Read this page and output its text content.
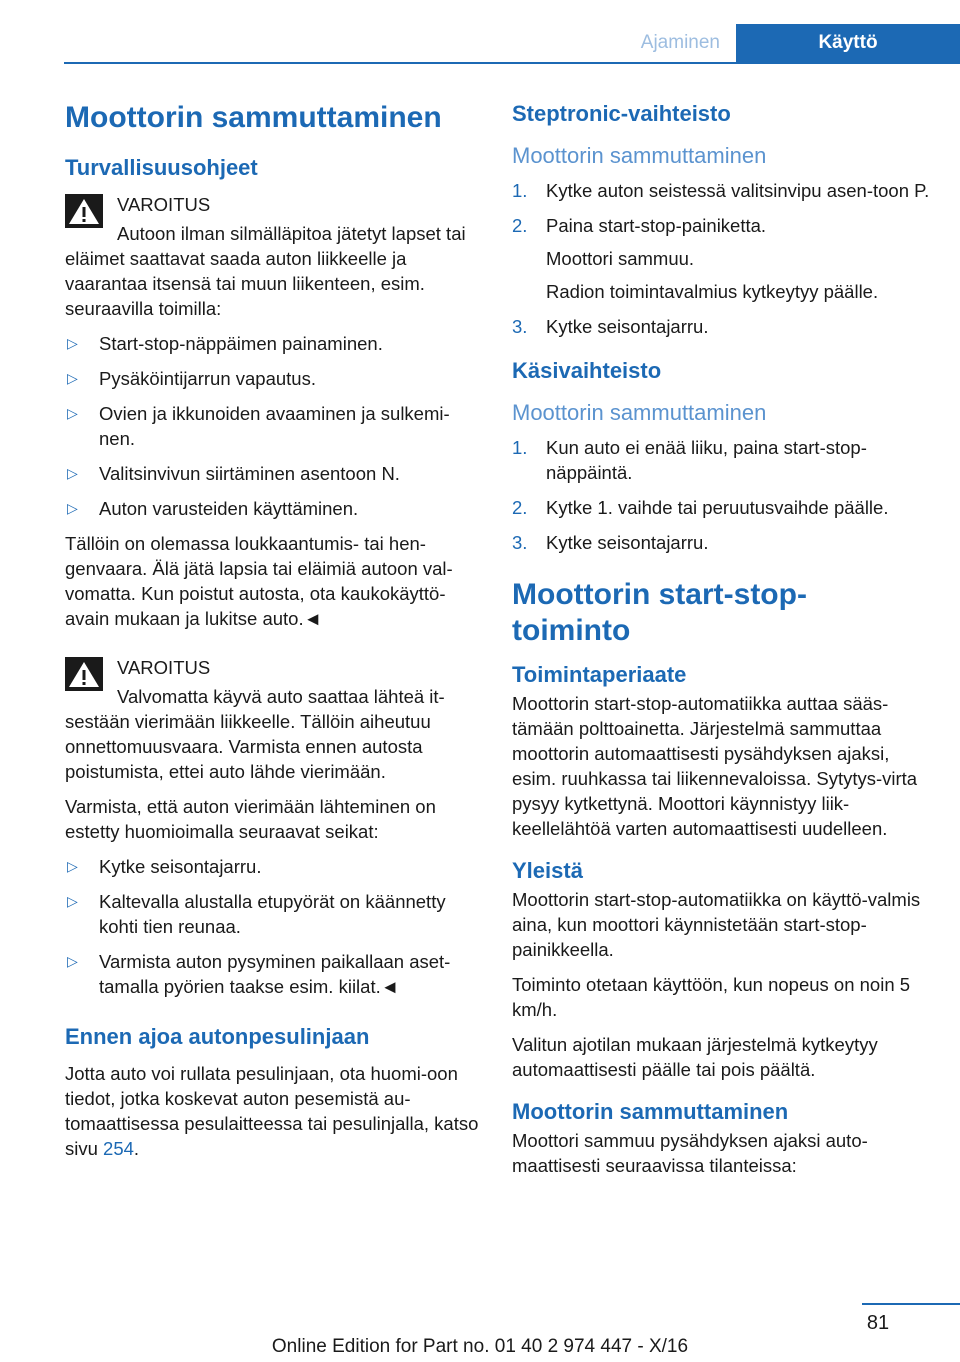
Ajaminen	Käyttö
Moottorin sammuttaminen
Turvallisuusohjeet
VAROITUS

Autoon ilman silmälläpitoa jätetyt lapset tai eläimet saattavat saada auton liikkeelle ja vaarantaa itsensä tai muun liikenteen, esim. seuraavilla toimilla:

▷ Start-stop-näppäimen painaminen.
▷ Pysäköintijarrun vapautus.
▷ Ovien ja ikkunoiden avaaminen ja sulkemi-nen.
▷ Valitsinvivun siirtäminen asentoon N.
▷ Auton varusteiden käyttäminen.

Tällöin on olemassa loukkaantumis- tai hen-genvaara. Älä jätä lapsia tai eläimiä autoon val-vomatta. Kun poistut autosta, ota kaukokäyttö-avain mukaan ja lukitse auto.◄

VAROITUS

Valvomatta käyvä auto saattaa lähteä it-sestään vierimään liikkeelle. Tällöin aiheutuu onnettomuusvaara. Varmista ennen autosta poistumista, ettei auto lähde vierimään.

Varmista, että auton vierimään lähteminen on estetty huomioimalla seuraavat seikat:

▷ Kytke seisontajarru.
▷ Kaltevalla alustalla etupyörät on käännetty kohti tien reunaa.
▷ Varmista auton pysyminen paikallaan aset-tamalla pyörien taakse esim. kiilat.◄
Ennen ajoa autonpesulinjaan

Jotta auto voi rullata pesulinjaan, ota huomi-oon tiedot, jotka koskevat auton pesemistä au-tomaattisessa pesulaitteessa tai pesulinjalla, katso sivu 254.

Steptronic-vaihteisto
Moottorin sammuttaminen
1. Kytke auton seistessä valitsinvipu asen-toon P.
2. Paina start-stop-painiketta.
Moottori sammuu.
Radion toimintavalmius kytkeytyy päälle.
3. Kytke seisontajarru.
Käsivaihteisto
Moottorin sammuttaminen
1. Kun auto ei enää liiku, paina start-stop-näppäintä.
2. Kytke 1. vaihde tai peruutusvaihde päälle.
3. Kytke seisontajarru.
Moottorin start-stop-toiminto
Toimintaperiaate

Moottorin start-stop-automatiikka auttaa sääs-tämään polttoainetta. Järjestelmä sammuttaa moottorin automaattisesti pysähdyksen ajaksi, esim. ruuhkassa tai liikennevaloissa. Sytytys-virta pysyy kytkettynä. Moottori käynnistyy liik-keellelähtöä varten automaattisesti uudelleen.

Yleistä

Moottorin start-stop-automatiikka on käyttö-valmis aina, kun moottori käynnistetään start-stop-painikkeella.

Toiminto otetaan käyttöön, kun nopeus on noin 5 km/h.

Valitun ajotilan mukaan järjestelmä kytkeytyy automaattisesti päälle tai pois päältä.

Moottorin sammuttaminen

Moottori sammuu pysähdyksen ajaksi auto-maattisesti seuraavissa tilanteissa:

81
Online Edition for Part no. 01 40 2 974 447 - X/16
